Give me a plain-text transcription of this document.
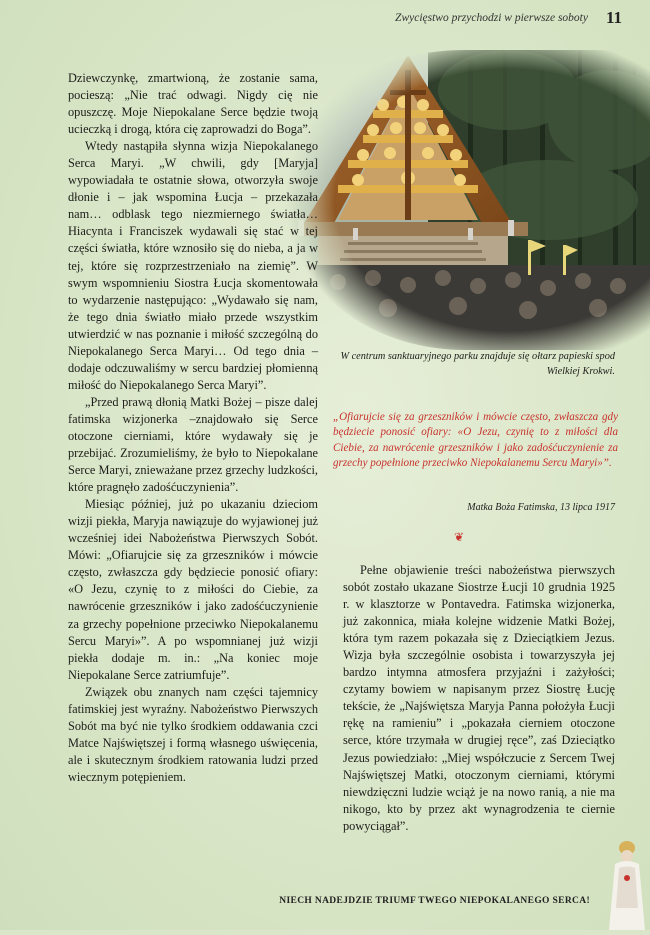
Zwycięstwo przychodzi w pierwsze soboty 11

Dziewczynkę, zmartwioną, że zostanie sama, pocieszą: „Nie trać odwagi. Nigdy cię nie opuszczę. Moje Niepokalane Serce będzie twoją ucieczką i drogą, która cię zaprowadzi do Boga”.

Wtedy nastąpiła słynna wizja Niepokalanego Serca Maryi. „W chwili, gdy [Maryja] wypowiadała te ostatnie słowa, otworzyła swoje dłonie i – jak wspomina Łucja – przekazała nam… odblask tego niezmiernego światła… Hiacynta i Franciszek wydawali się stać w tej części światła, które wznosiło się do nieba, a ja w tej, które się rozprzestrzeniało na ziemię”. W swym wspomnieniu Siostra Łucja skomentowała to wydarzenie następująco: „Wydawało się nam, że tego dnia światło miało przede wszystkim utwierdzić w nas poznanie i miłość szczególną do Niepokalanego Serca Maryi… Od tego dnia – dodaje odczuwaliśmy w sercu bardziej płomienną miłość do Niepokalanego Serca Maryi”.

„Przed prawą dłonią Matki Bożej – pisze dalej fatimska wizjonerka –znajdowało się Serce otoczone cierniami, które wydawały się je przebijać. Zrozumieliśmy, że było to Niepokalane Serce Maryi, znieważane przez grzechy ludzkości, które pragnęło zadośćuczynienia”.

Miesiąc później, już po ukazaniu dzieciom wizji piekła, Maryja nawiązuje do wyjawionej już wcześniej idei Nabożeństwa Pierwszych Sobót. Mówi: „Ofiarujcie się za grzeszników i mówcie często, zwłaszcza gdy będziecie ponosić ofiary: «O Jezu, czynię to z miłości do Ciebie, za nawrócenie grzeszników i jako zadośćuczynienie za grzechy popełnione przeciwko Niepokalanemu Sercu Maryi»”. A po wspomnianej już wizji piekła dodaje m. in.: „Na koniec moje Niepokalane Serce zatriumfuje”.

Związek obu znanych nam części tajemnicy fatimskiej jest wyraźny. Nabożeństwo Pierwszych Sobót ma być nie tylko środkiem oddawania czci Matce Najświętszej i formą własnego uświęcenia, ale i skutecznym środkiem ratowania ludzi przed wiecznym potępieniem.

W centrum sanktuaryjnego parku znajduje się ołtarz papieski spod Wielkiej Krokwi.
„Ofiarujcie się za grzeszników i mówcie często, zwłaszcza gdy będziecie ponosić ofiary: «O Jezu, czynię to z miłości dla Ciebie, za nawrócenie grzeszników i jako zadośćuczynienie za grzechy popełnione przeciwko Niepokalanemu Sercu Maryi»”.
Matka Boża Fatimska, 13 lipca 1917
❦

Pełne objawienie treści nabożeństwa pierwszych sobót zostało ukazane Siostrze Łucji 10 grudnia 1925 r. w klasztorze w Pontavedra. Fatimska wizjonerka, już zakonnica, miała kolejne widzenie Matki Bożej, która tym razem pokazała się z Dzieciątkiem Jezus. Wizja była szczególnie osobista i towarzyszyła jej bardzo intymna atmosfera przyjaźni i zażyłości; czytamy bowiem w napisanym przez Siostrę Łucję tekście, że „Najświętsza Maryja Panna położyła Łucji rękę na ramieniu” i „pokazała cierniem otoczone serce, które trzymała w drugiej ręce”, zaś Dzieciątko Jezus powiedziało: „Miej współczucie z Sercem Twej Najświętszej Matki, otoczonym cierniami, którymi niewdzięczni ludzie wciąż je na nowo ranią, a nie ma nikogo, kto by przez akt wynagrodzenia te ciernie powyciągał”.

NIECH NADEJDZIE TRIUMF TWEGO NIEPOKALANEGO SERCA!
